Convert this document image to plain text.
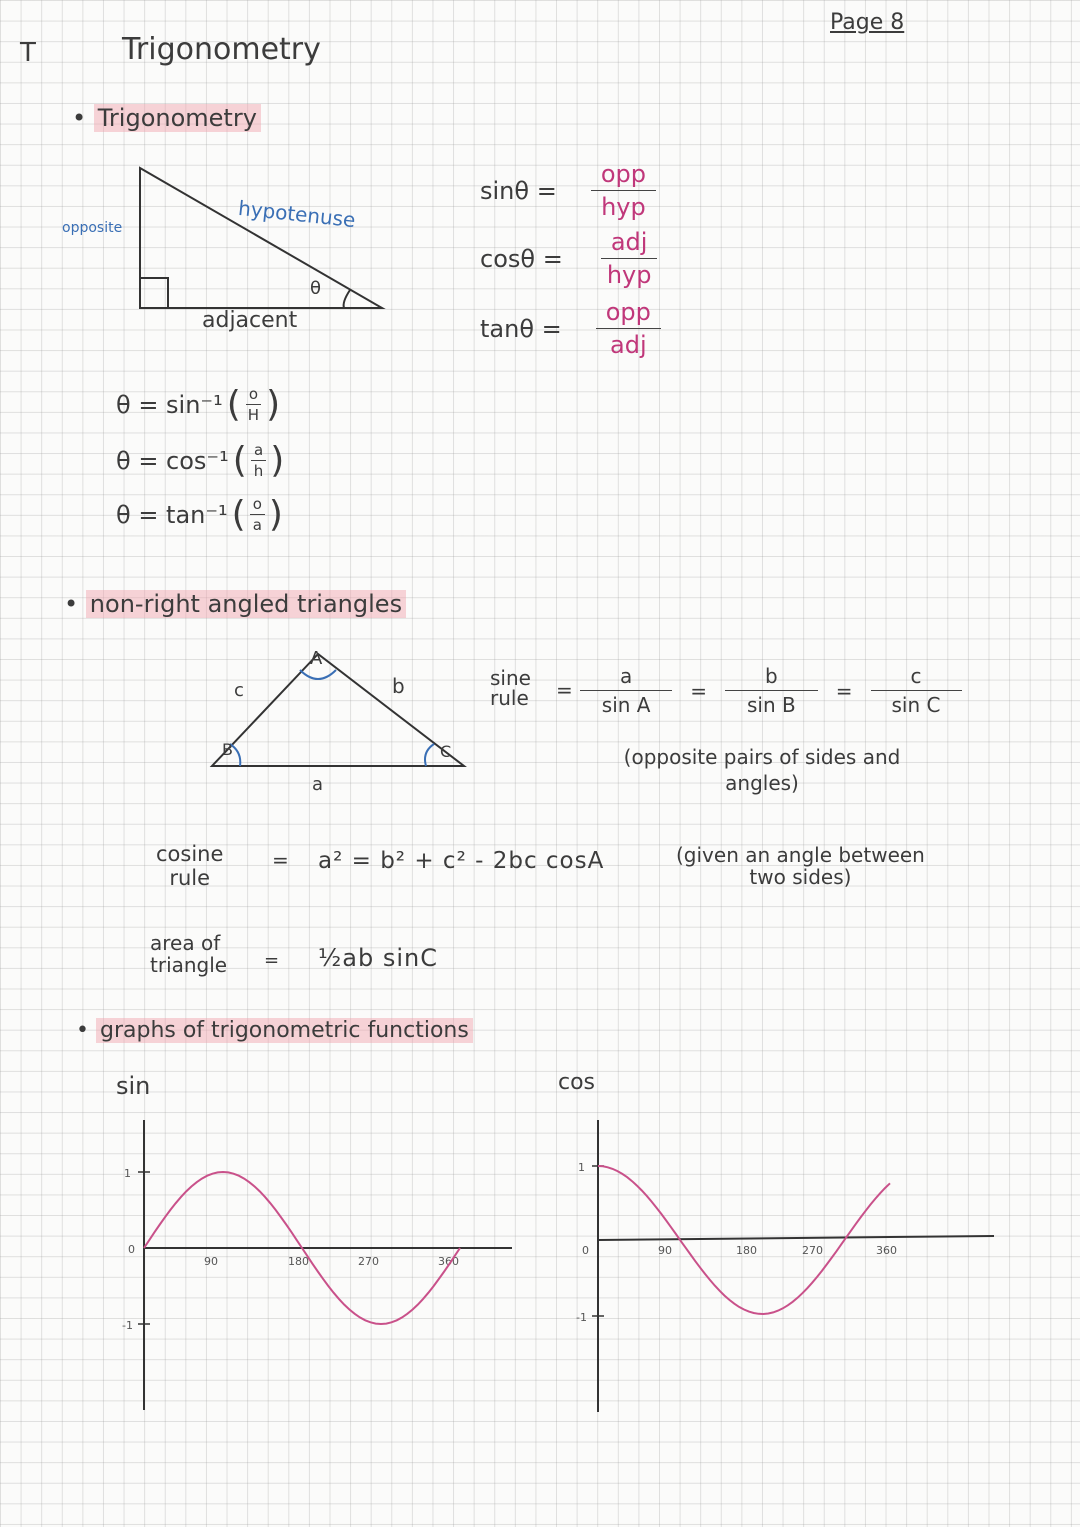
T	Trigonometry
Page 8
• Trigonometry
opposite	hypotenuse
adjacent
θ
$\sin\theta = \frac{\text{opp}}{\text{hyp}}$
$\cos\theta = \frac{\text{adj}}{\text{hyp}}$
$\tan\theta = \frac{\text{opp}}{\text{adj}}$
θ = sin⁻¹ ( $\frac{o}{H}$ )
θ = cos⁻¹ ( $\frac{a}{h}$ )
θ = tan⁻¹ ( $\frac{o}{a}$ )
• non-right angled triangles
A
B	C
a
b
c
sine
rule = $\frac{a}{\text{sin A}} = \frac{b}{\text{sin B}} = \frac{c}{\text{sin C}}$
(opposite pairs of sides and
angles)
cosine
rule
= a² = b² + c² - 2bc cosA	(given an angle between
two sides)
area of
triangle = ½ab sinC
• graphs of trigonometric functions
sin	cos
1
0
-1
90	180	270	360
1
0
-1
90	180	270	360
